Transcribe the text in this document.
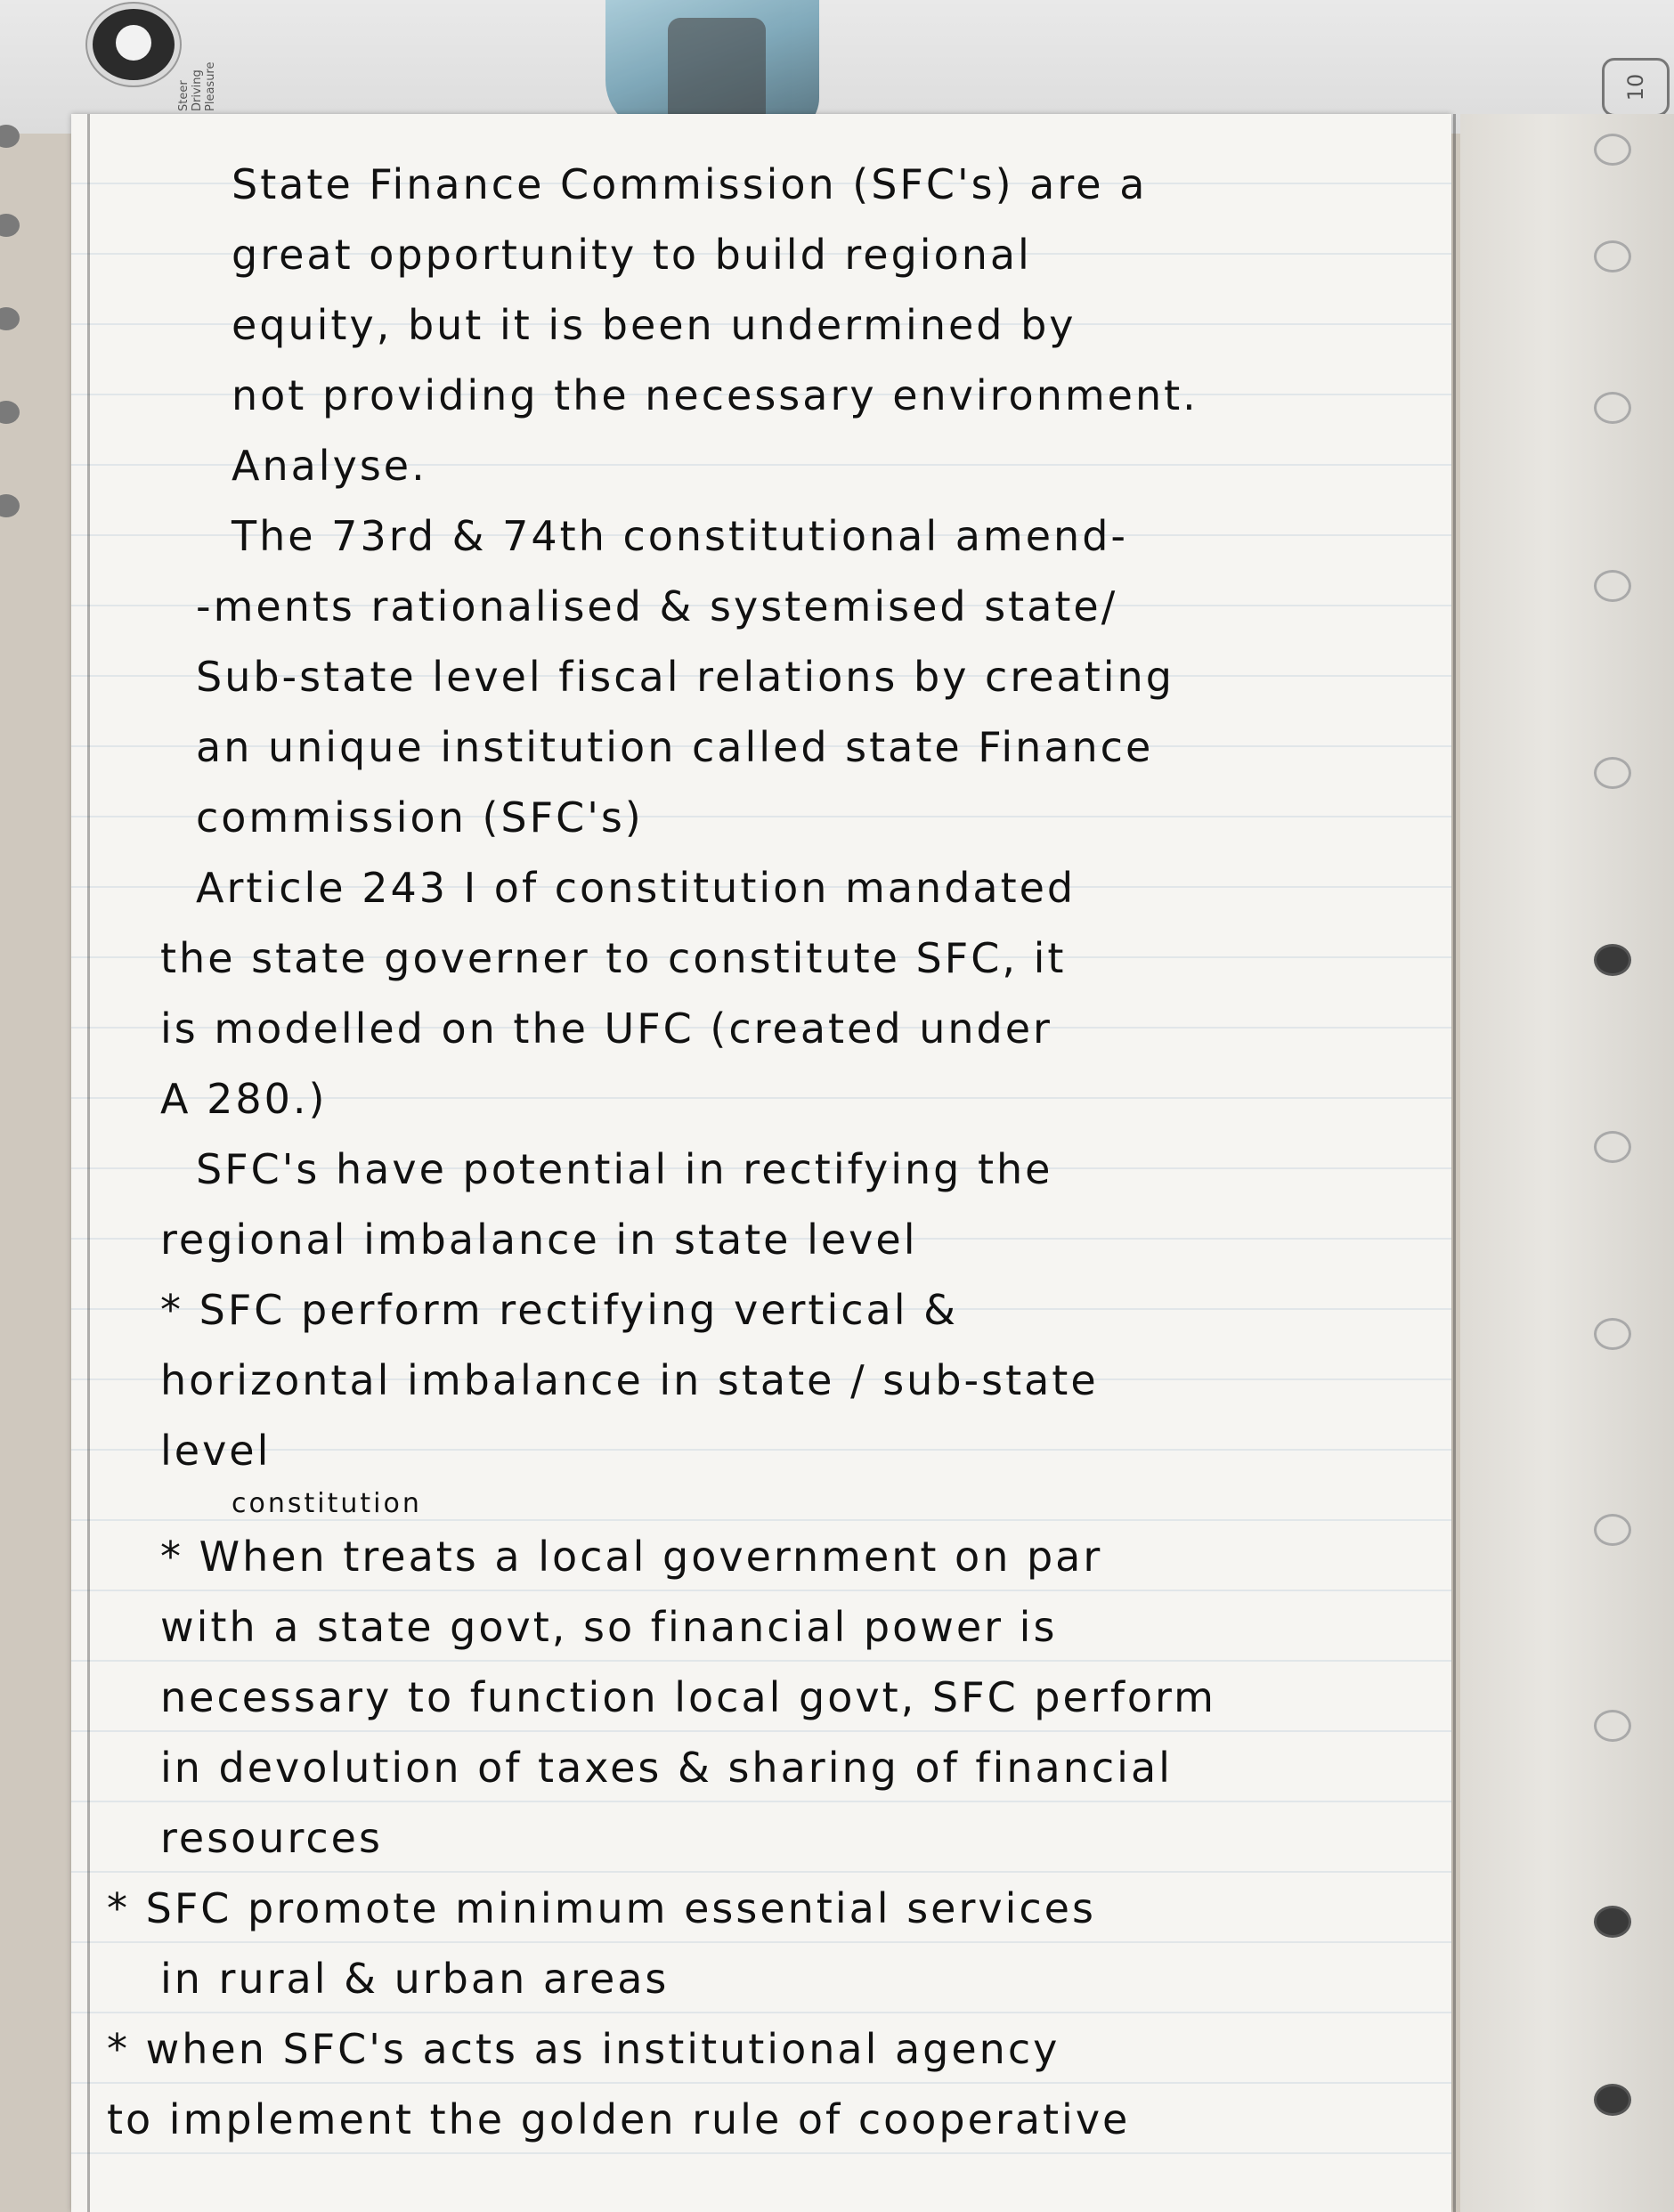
Steer Driving Pleasure	10
State Finance Commission (SFC's) are a
great opportunity to build regional
equity, but it is been undermined by
not providing the necessary environment.
Analyse.
The 73rd & 74th constitutional amend-
-ments rationalised & systemised state/
Sub-state level fiscal relations by creating
an unique institution called state Finance
commission (SFC's)
Article 243 I of constitution mandated
the state governer to constitute SFC, it
is modelled on the UFC (created under
A 280.)
SFC's have potential in rectifying the
regional imbalance in state level
* SFC perform rectifying vertical &
horizontal imbalance in state / sub-state
level
constitution
* When treats a local government on par
with a state govt, so financial power is
necessary to function local govt, SFC perform
in devolution of taxes & sharing of financial
resources
* SFC promote minimum essential services
in rural & urban areas
* when SFC's acts as institutional agency
to implement the golden rule of cooperative
